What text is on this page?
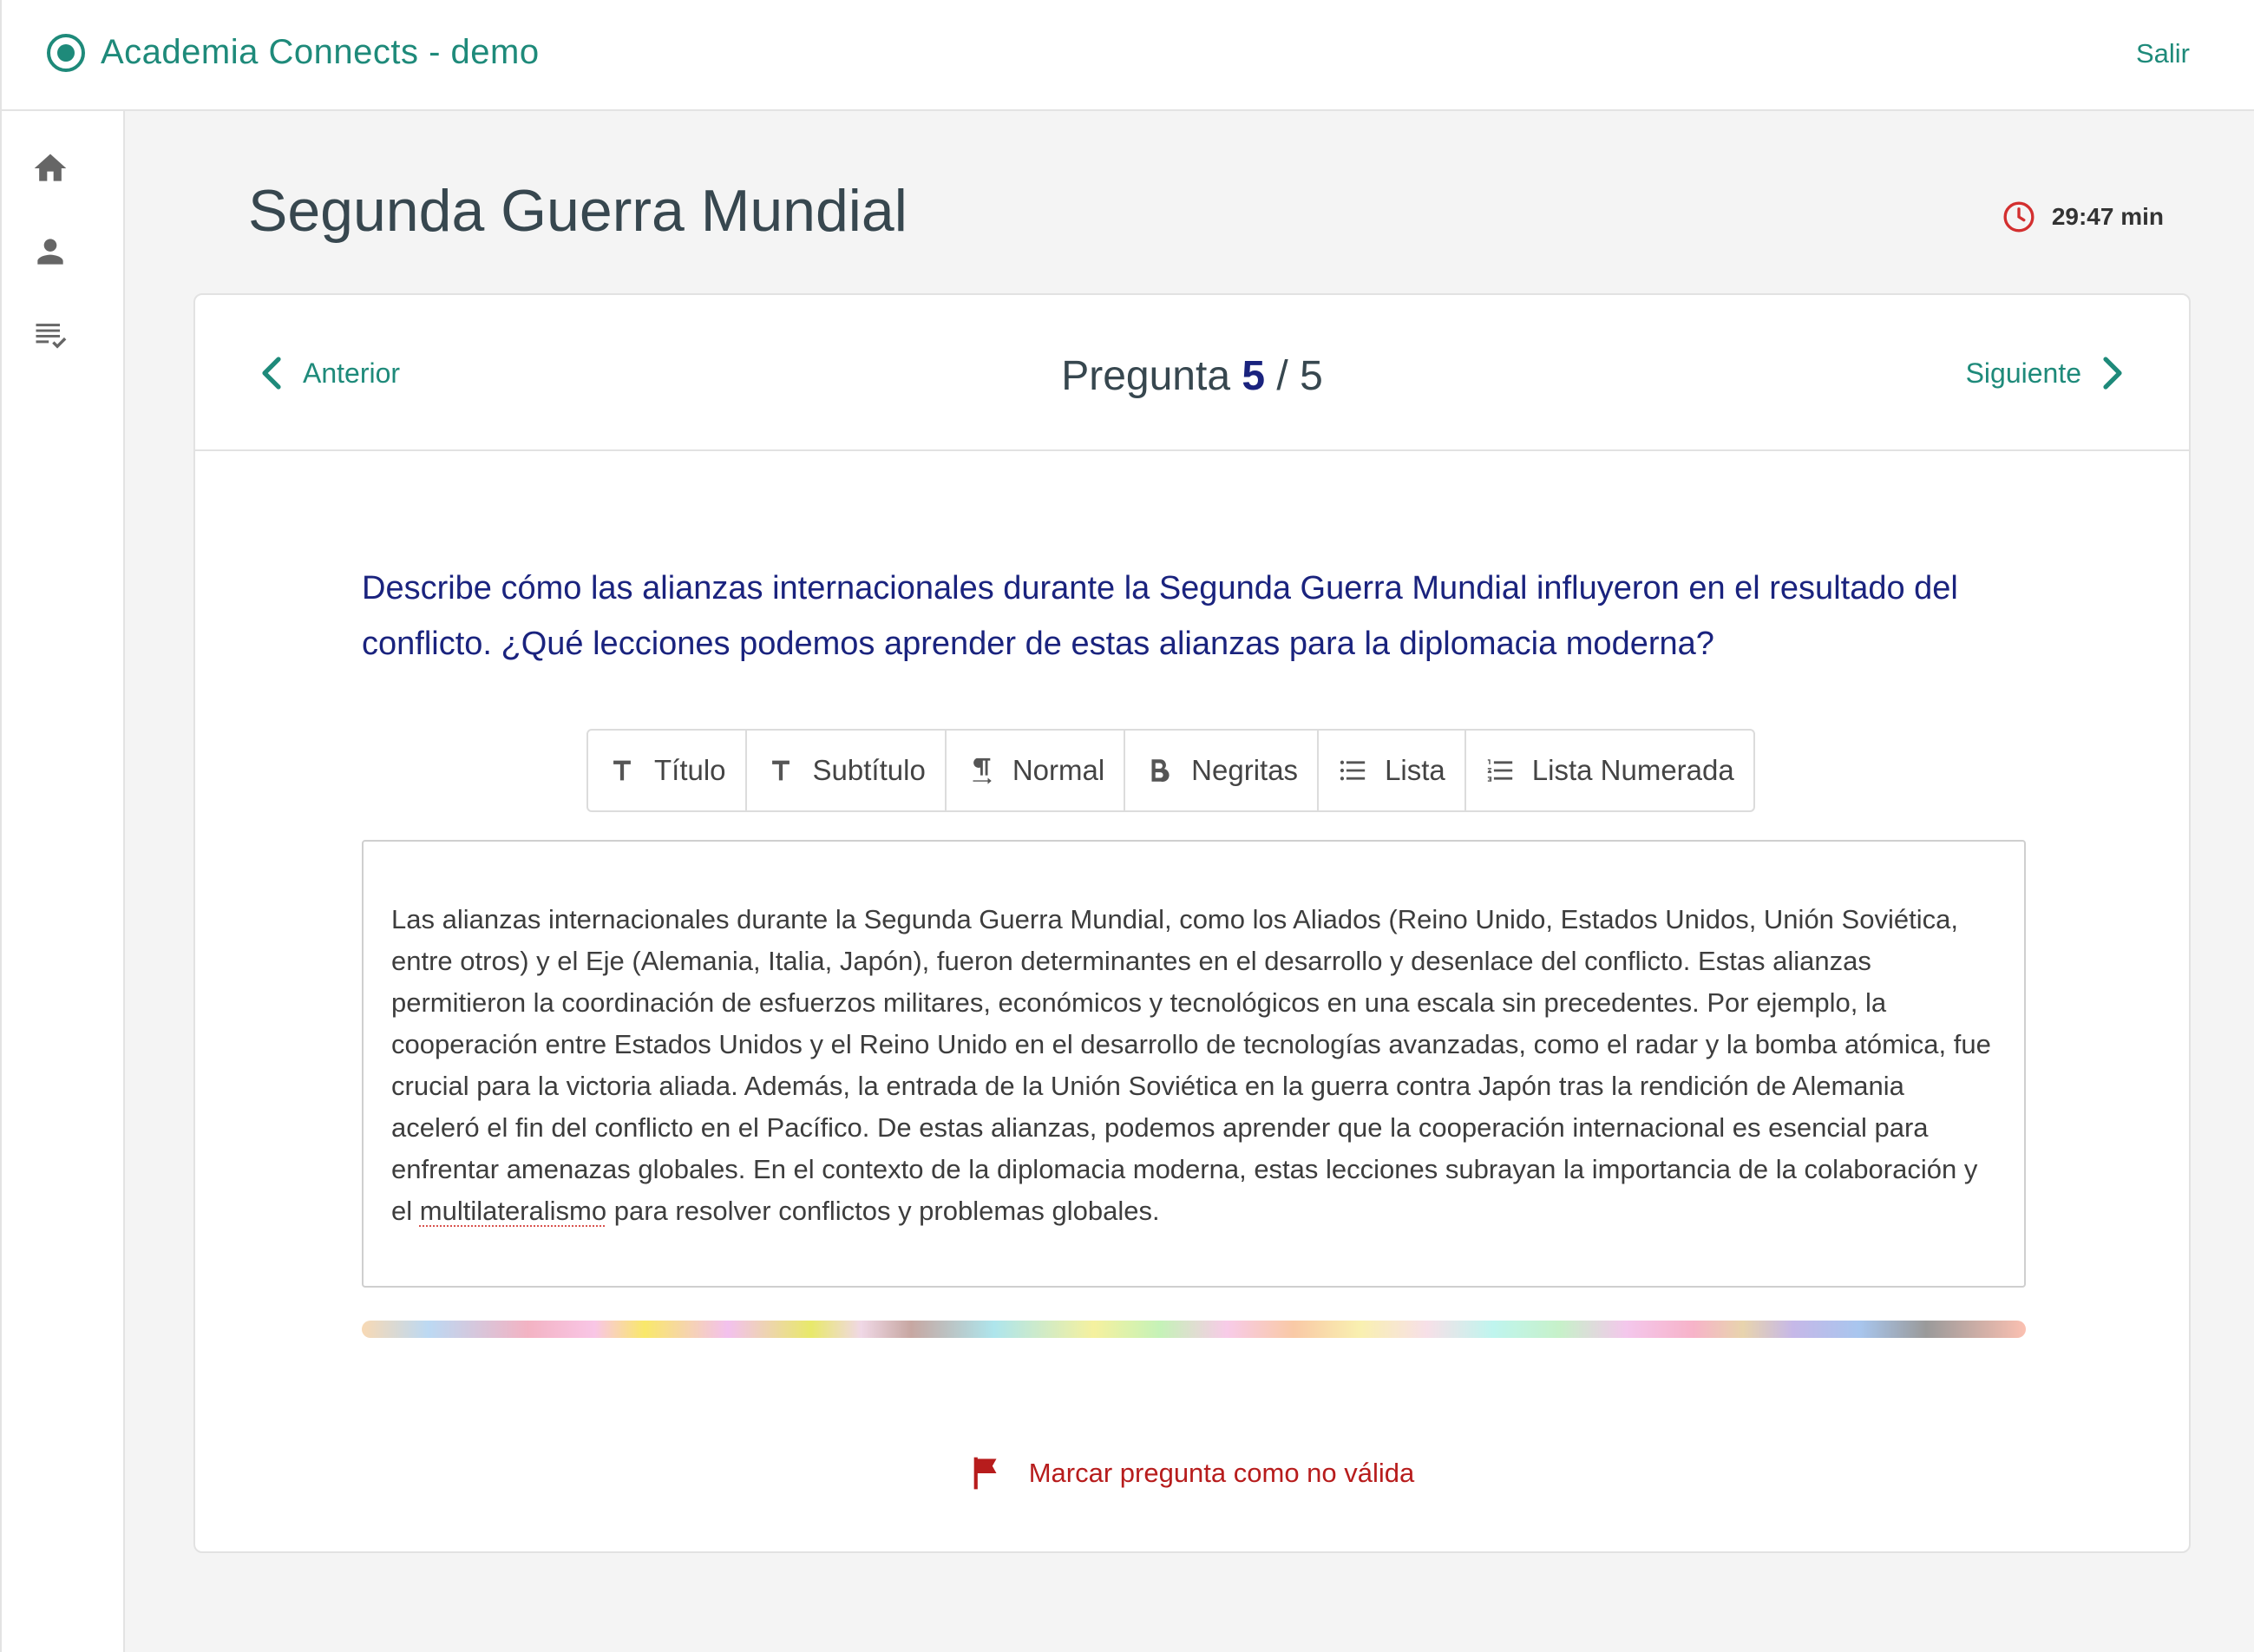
Academia Connects - demo	Salir
Segunda Guerra Mundial	29:47 min
Anterior	Pregunta 5 / 5	Siguiente

Describe cómo las alianzas internacionales durante la Segunda Guerra Mundial influyeron en el resultado del conflicto. ¿Qué lecciones podemos aprender de estas alianzas para la diplomacia moderna?

Título	Subtítulo	Normal	Negritas	Lista	Lista Numerada
Las alianzas internacionales durante la Segunda Guerra Mundial, como los Aliados (Reino Unido, Estados Unidos, Unión Soviética, entre otros) y el Eje (Alemania, Italia, Japón), fueron determinantes en el desarrollo y desenlace del conflicto. Estas alianzas permitieron la coordinación de esfuerzos militares, económicos y tecnológicos en una escala sin precedentes. Por ejemplo, la cooperación entre Estados Unidos y el Reino Unido en el desarrollo de tecnologías avanzadas, como el radar y la bomba atómica, fue crucial para la victoria aliada. Además, la entrada de la Unión Soviética en la guerra contra Japón tras la rendición de Alemania aceleró el fin del conflicto en el Pacífico. De estas alianzas, podemos aprender que la cooperación internacional es esencial para enfrentar amenazas globales. En el contexto de la diplomacia moderna, estas lecciones subrayan la importancia de la colaboración y el multilateralismo para resolver conflictos y problemas globales.
Marcar pregunta como no válida
